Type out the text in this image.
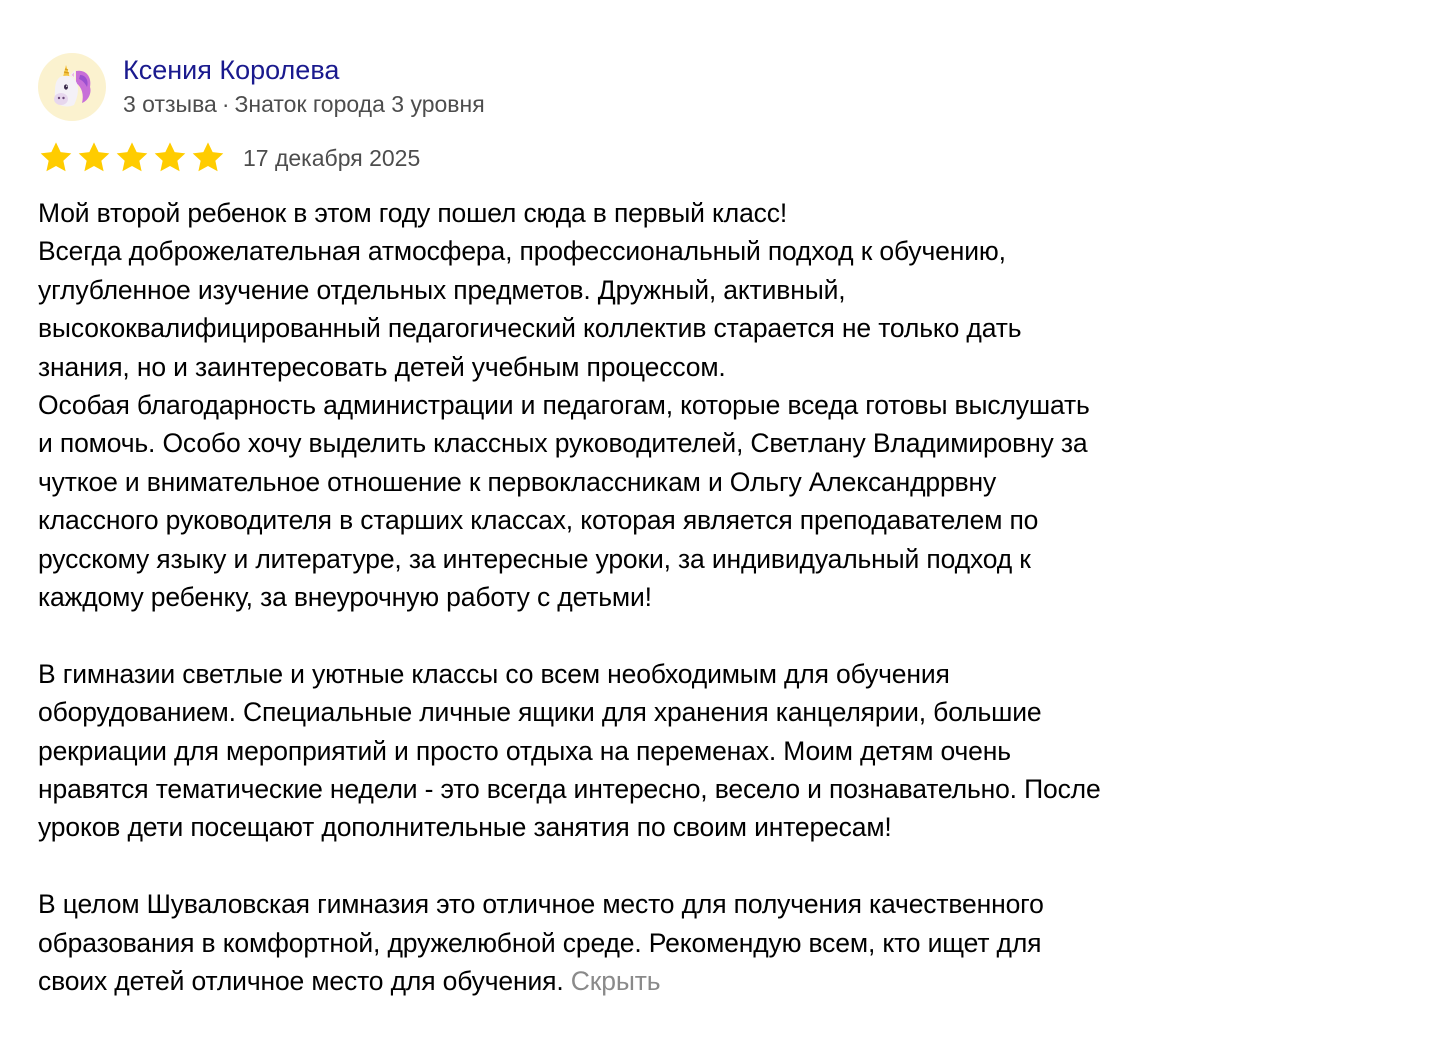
Ксения Королева
3 отзыва · Знаток города 3 уровня
17 декабря 2025

Мой второй ребенок в этом году пошел сюда в первый класс!
Всегда доброжелательная атмосфера, профессиональный подход к обучению,
углубленное изучение отдельных предметов. Дружный, активный,
высококвалифицированный педагогический коллектив старается не только дать
знания, но и заинтересовать детей учебным процессом.
Особая благодарность администрации и педагогам, которые вседа готовы выслушать
и помочь. Особо хочу выделить классных руководителей, Светлану Владимировну за
чуткое и внимательное отношение к первоклассникам и Ольгу Александррвну
классного руководителя в старших классах, которая является преподавателем по
русскому языку и литературе, за интересные уроки, за индивидуальный подход к
каждому ребенку, за внеурочную работу с детьми!

В гимназии светлые и уютные классы со всем необходимым для обучения
оборудованием. Специальные личные ящики для хранения канцелярии, большие
рекриации для мероприятий и просто отдыха на переменах. Моим детям очень
нравятся тематические недели - это всегда интересно, весело и познавательно. После
уроков дети посещают дополнительные занятия по своим интересам!

В целом Шуваловская гимназия это отличное место для получения качественного
образования в комфортной, дружелюбной среде. Рекомендую всем, кто ищет для
своих детей отличное место для обучения. Скрыть
